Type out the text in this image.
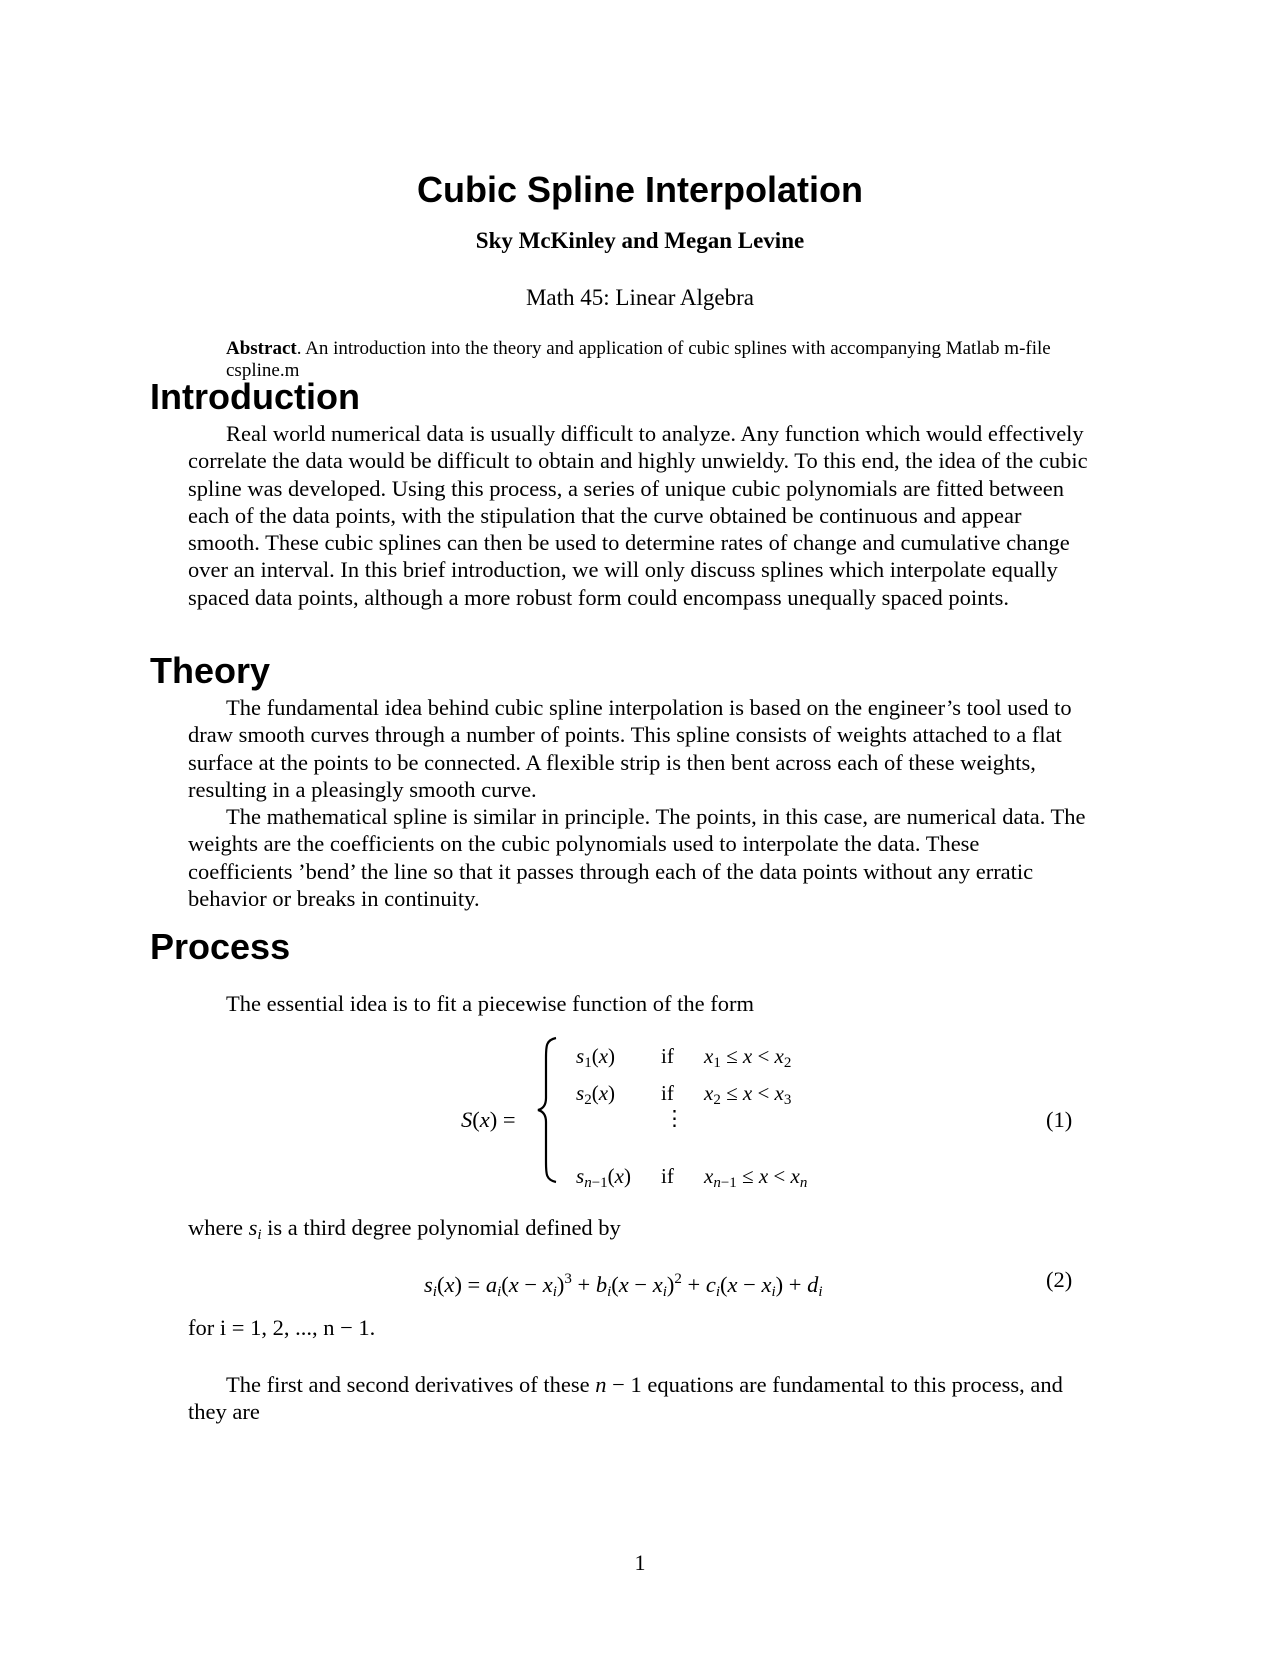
Cubic Spline Interpolation
Sky McKinley and Megan Levine
Math 45: Linear Algebra
Abstract. An introduction into the theory and application of cubic splines with accompanying Matlab m-file cspline.m
Introduction
Real world numerical data is usually difficult to analyze. Any function which would effectively correlate the data would be difficult to obtain and highly unwieldy. To this end, the idea of the cubic spline was developed. Using this process, a series of unique cubic polynomials are fitted between each of the data points, with the stipulation that the curve obtained be continuous and appear smooth. These cubic splines can then be used to determine rates of change and cumulative change over an interval. In this brief introduction, we will only discuss splines which interpolate equally spaced data points, although a more robust form could encompass unequally spaced points.
Theory
The fundamental idea behind cubic spline interpolation is based on the engineer’s tool used to draw smooth curves through a number of points. This spline consists of weights attached to a flat surface at the points to be connected. A flexible strip is then bent across each of these weights, resulting in a pleasingly smooth curve.
The mathematical spline is similar in principle. The points, in this case, are numerical data. The weights are the coefficients on the cubic polynomials used to interpolate the data. These coefficients ’bend’ the line so that it passes through each of the data points without any erratic behavior or breaks in continuity.
Process
The essential idea is to fit a piecewise function of the form
S(x) =
$s_1(x)$ if $x_1 \le x < x_2$
$s_2(x)$ if $x_2 \le x < x_3$
⋮
$sn_{-1}(x)$ if $xn_{-1} \le x$ < xn
(1)
where si is a third degree polynomial defined by
si(x) = ai(x − xi)$^3$ + bi(x − xi)$^2$ + ci(x − xi) + di	(2)
for i = 1, 2, ..., n − 1.
The first and second derivatives of these n − 1 equations are fundamental to this process, and they are
1
